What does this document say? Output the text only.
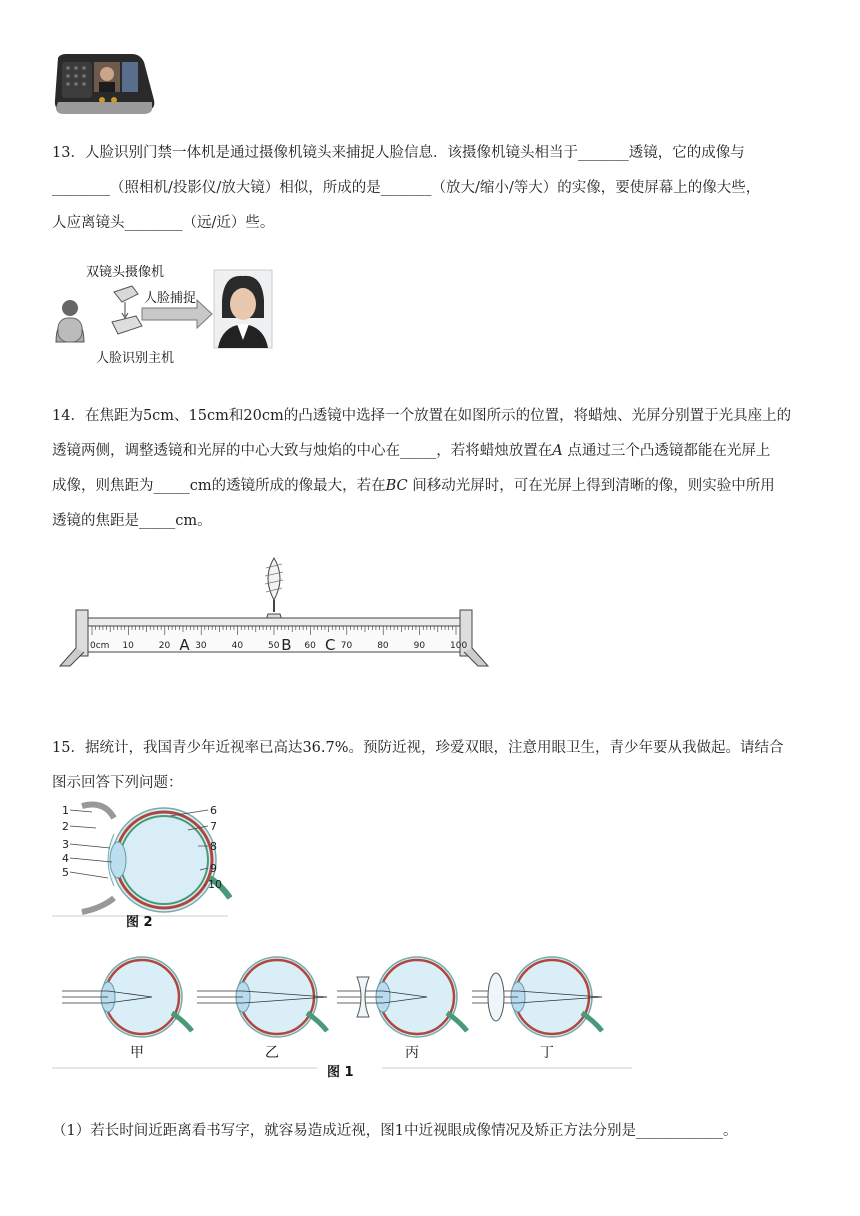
13．人脸识别门禁一体机是通过摄像机镜头来捕捉人脸信息．该摄像机镜头相当于_______透镜，它的成像与
________（照相机/投影仪/放大镜）相似，所成的是_______（放大/缩小/等大）的实像，要使屏幕上的像大些，
人应离镜头________（远/近）些。
双镜头摄像机
人脸捕捉
人脸识别主机
14．在焦距为5cm、15cm和20cm的凸透镜中选择一个放置在如图所示的位置，将蜡烛、光屏分别置于光具座上的
透镜两侧，调整透镜和光屏的中心大致与烛焰的中心在_____，若将蜡烛放置在A 点通过三个凸透镜都能在光屏上
成像，则焦距为_____cm的透镜所成的像最大，若在BC 间移动光屏时，可在光屏上得到清晰的像，则实验中所用
透镜的焦距是_____cm。
0cm 10	20	30	40	50	60	70	80	90	100
A	B C
15．据统计，我国青少年近视率已高达36.7%。预防近视，珍爱双眼，注意用眼卫生，青少年要从我做起。请结合
图示回答下列问题：
1
2
3
4
5
6
7
8
9
10
图 2
甲	乙	丙	丁
图 1
（1）若长时间近距离看书写字，就容易造成近视，图1中近视眼成像情况及矫正方法分别是____________。
